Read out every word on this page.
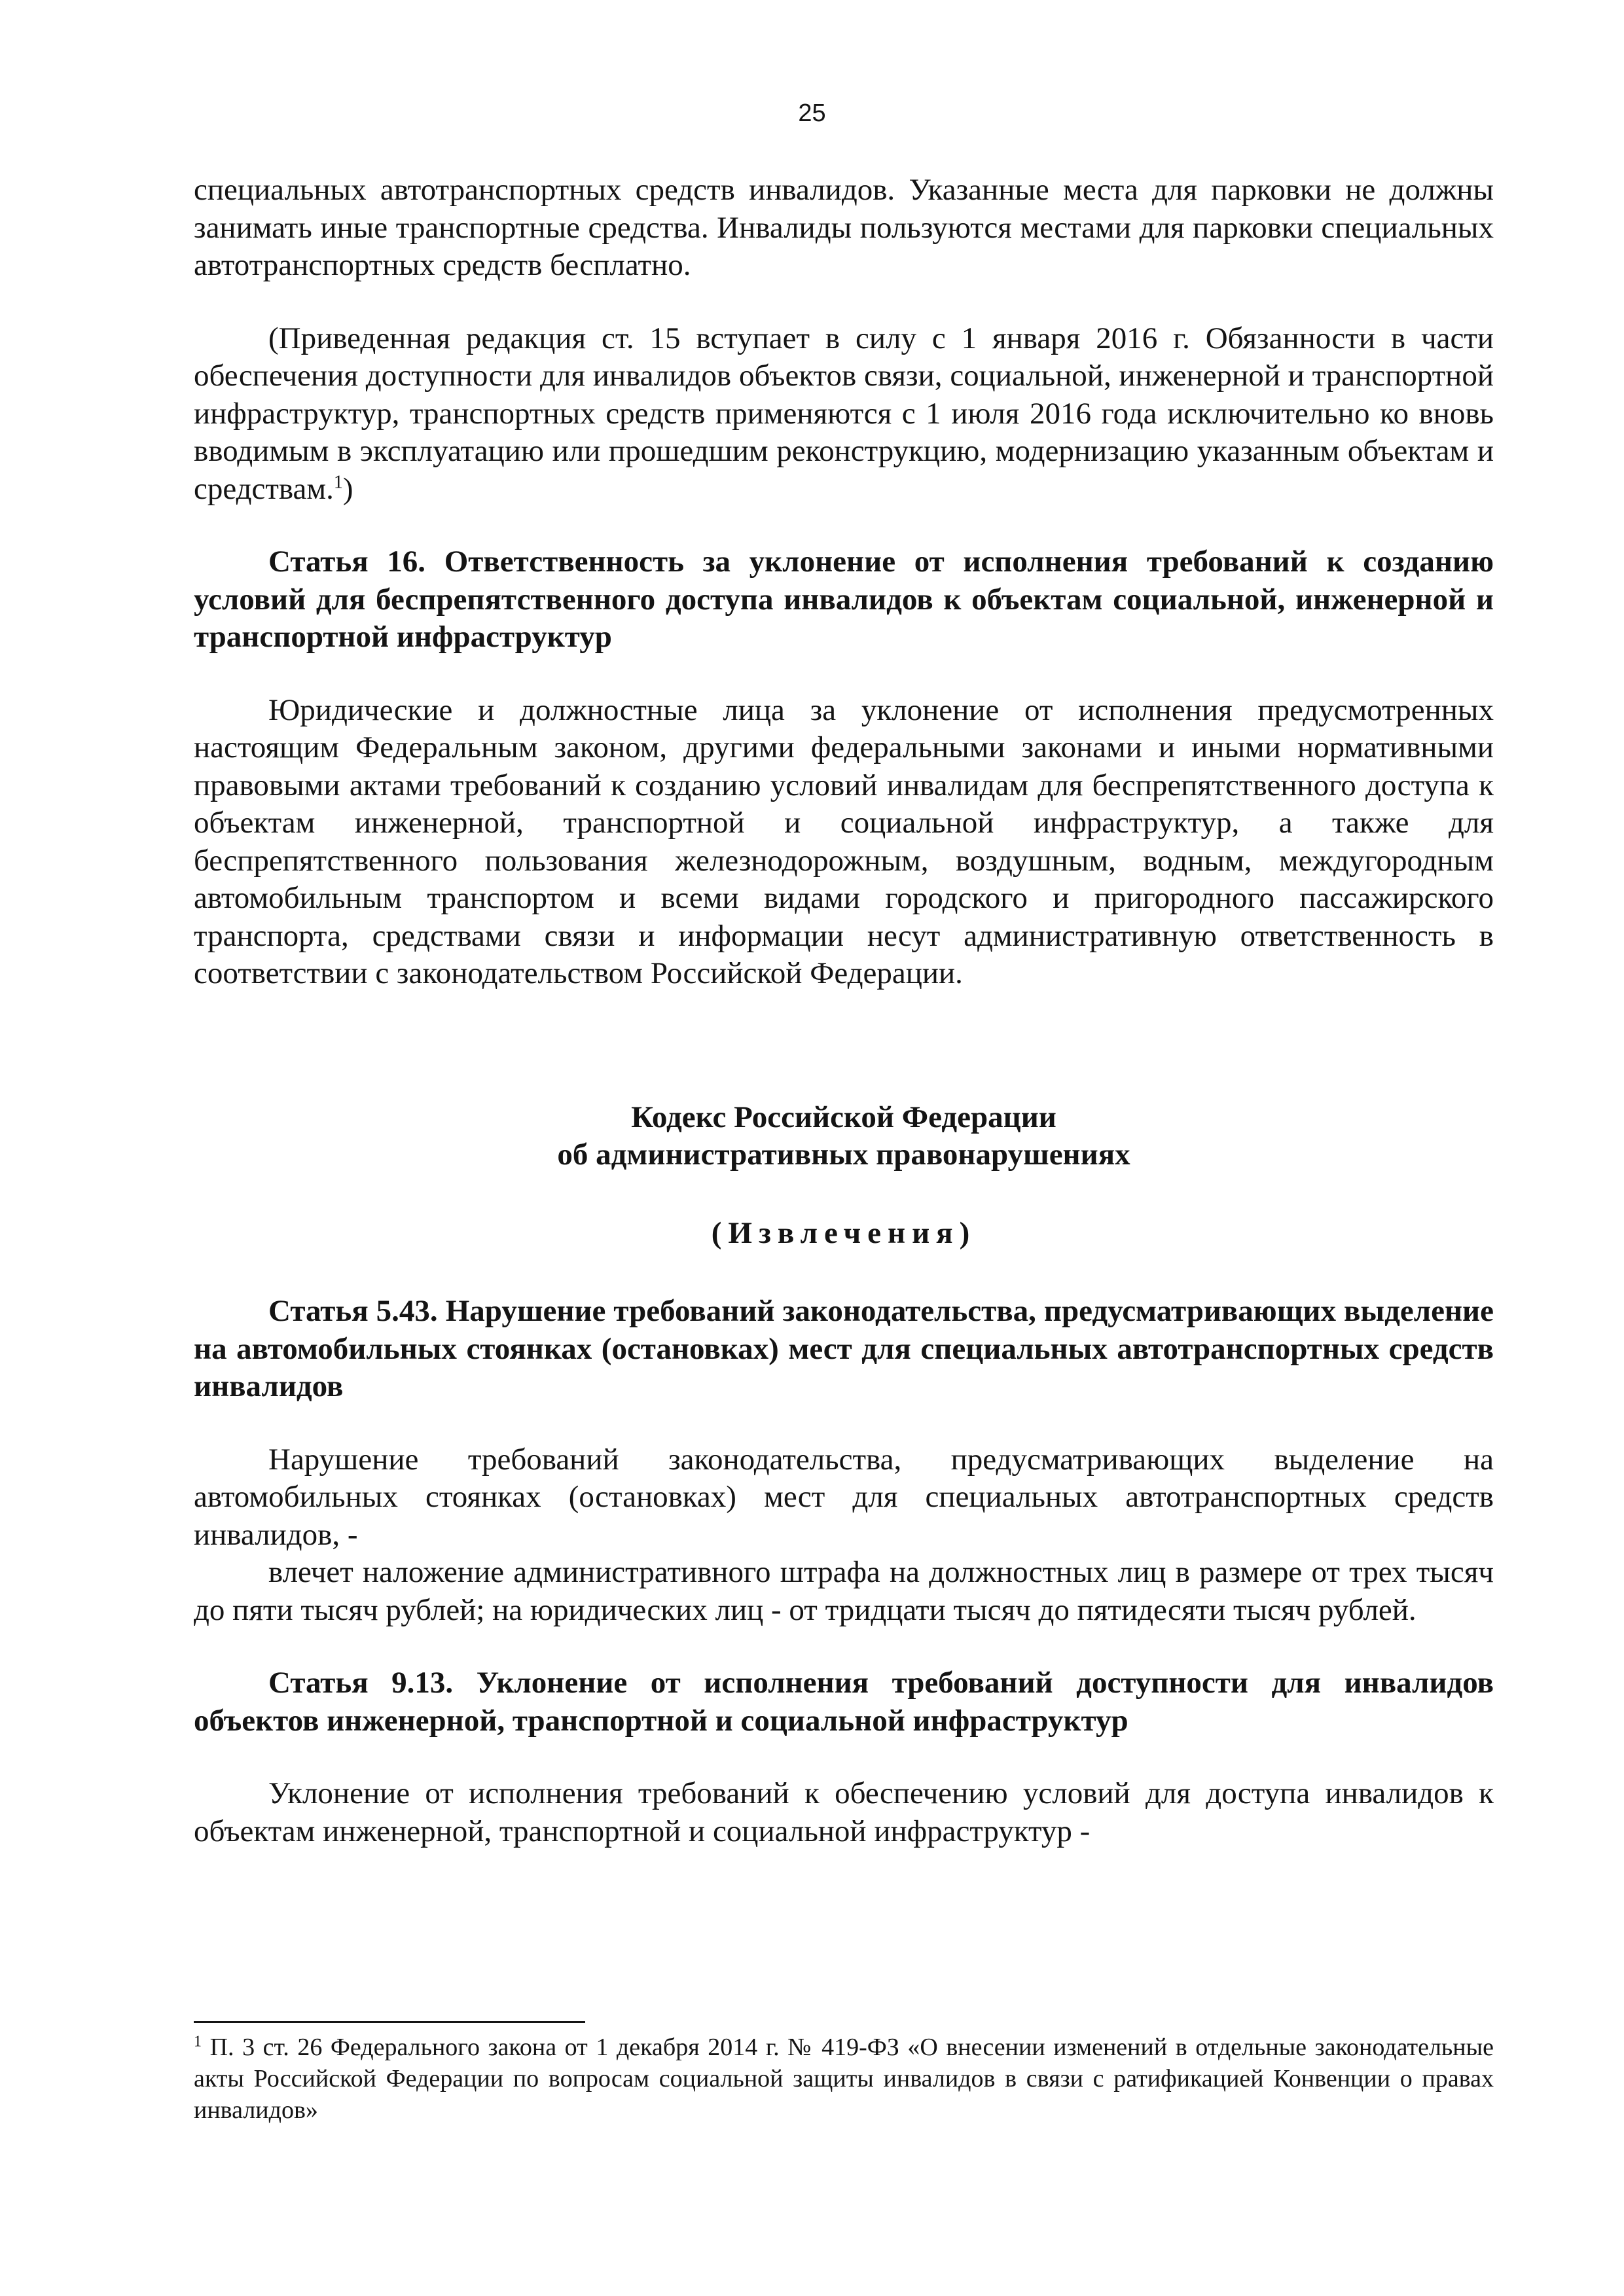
25

специальных автотранспортных средств инвалидов. Указанные места для парковки не должны занимать иные транспортные средства. Инвалиды пользуются местами для парковки специальных автотранспортных средств бесплатно.

(Приведенная редакция ст. 15 вступает в силу с 1 января 2016 г. Обязанности в части обеспечения доступности для инвалидов объектов связи, социальной, инженерной и транспортной инфраструктур, транспортных средств применяются с 1 июля 2016 года исключительно ко вновь вводимым в эксплуатацию или прошедшим реконструкцию, модернизацию указанным объектам и средствам.$^1$)

Статья 16. Ответственность за уклонение от исполнения требований к созданию условий для беспрепятственного доступа инвалидов к объектам социальной, инженерной и транспортной инфраструктур

Юридические и должностные лица за уклонение от исполнения предусмотренных настоящим Федеральным законом, другими федеральными законами и иными нормативными правовыми актами требований к созданию условий инвалидам для беспрепятственного доступа к объектам инженерной, транспортной и социальной инфраструктур, а также для беспрепятственного пользования железнодорожным, воздушным, водным, междугородным автомобильным транспортом и всеми видами городского и пригородного пассажирского транспорта, средствами связи и информации несут административную ответственность в соответствии с законодательством Российской Федерации.

Кодекс Российской Федерации

об административных правонарушениях

(Извлечения)

Статья 5.43. Нарушение требований законодательства, предусматривающих выделение на автомобильных стоянках (остановках) мест для специальных автотранспортных средств инвалидов

Нарушение требований законодательства, предусматривающих выделение на автомобильных стоянках (остановках) мест для специальных автотранспортных средств инвалидов, -

влечет наложение административного штрафа на должностных лиц в размере от трех тысяч до пяти тысяч рублей; на юридических лиц - от тридцати тысяч до пятидесяти тысяч рублей.

Статья 9.13. Уклонение от исполнения требований доступности для инвалидов объектов инженерной, транспортной и социальной инфраструктур

Уклонение от исполнения требований к обеспечению условий для доступа инвалидов к объектам инженерной, транспортной и социальной инфраструктур -

$^1$ П. 3 ст. 26 Федерального закона от 1 декабря 2014 г. № 419-ФЗ «О внесении изменений в отдельные законодательные акты Российской Федерации по вопросам социальной защиты инвалидов в связи с ратификацией Конвенции о правах инвалидов»
